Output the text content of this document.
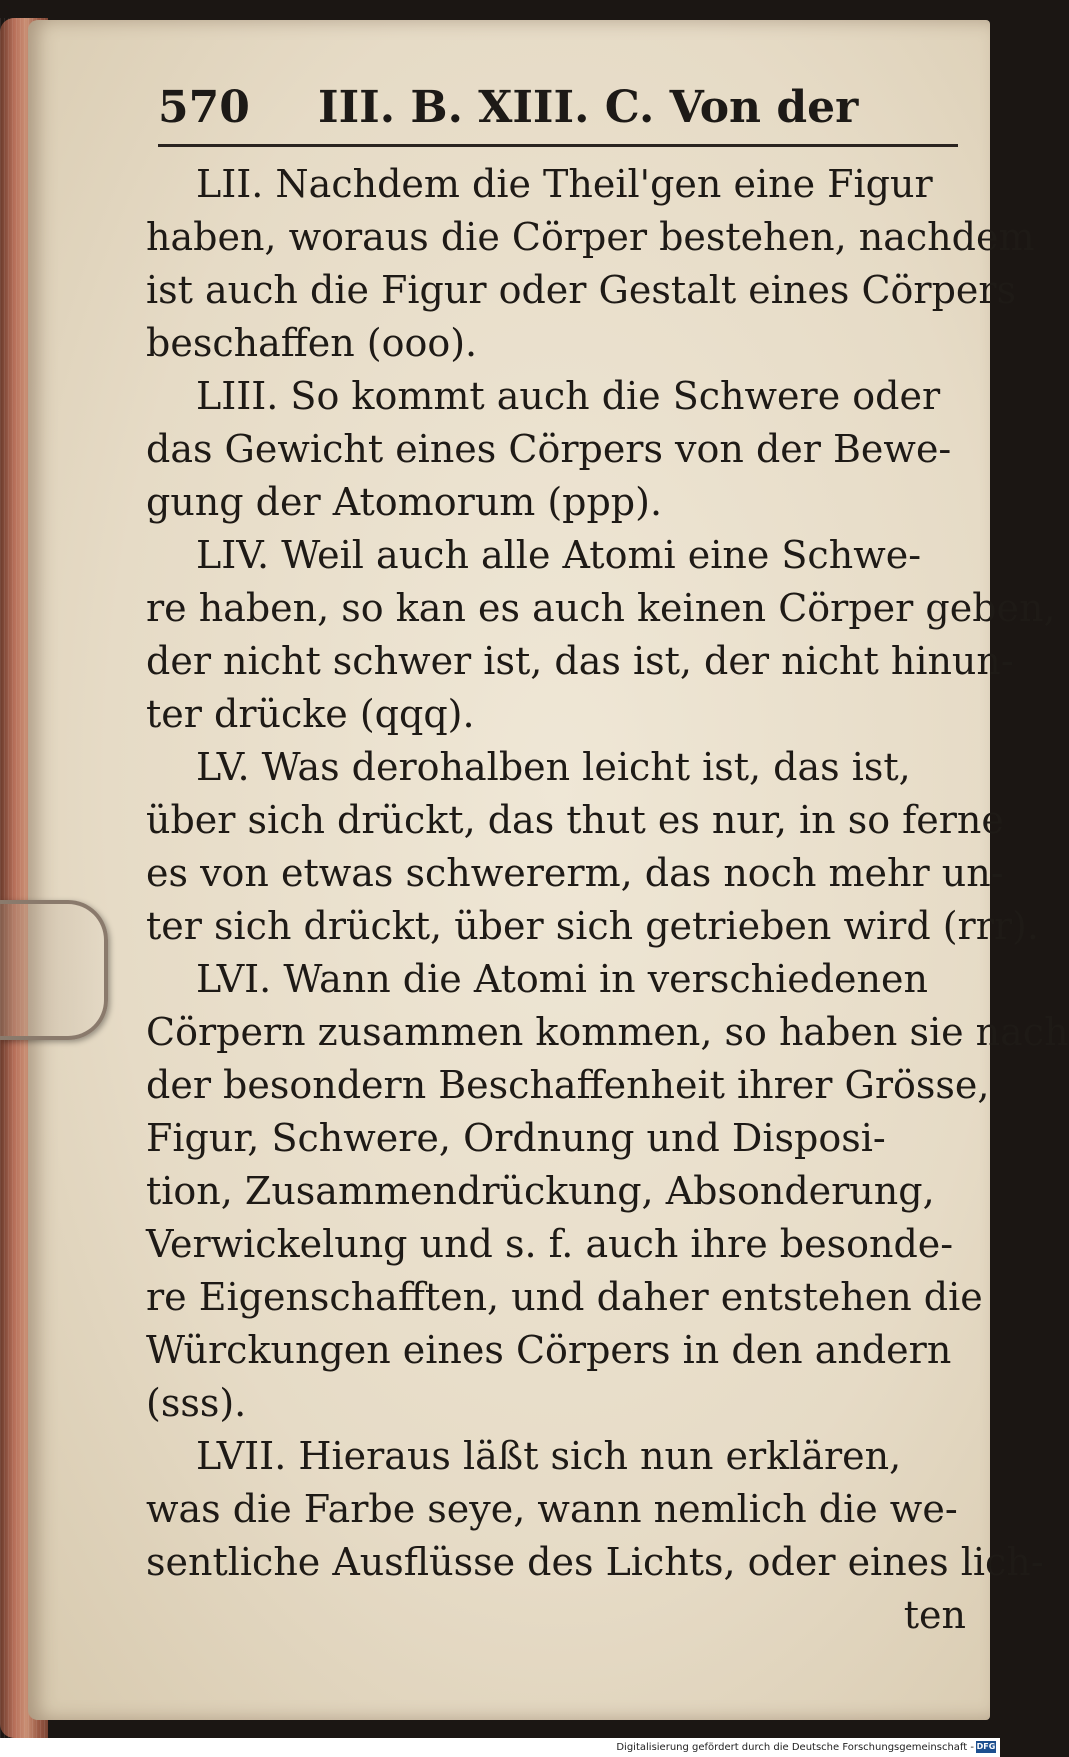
570 III. B. XIII. C. Von der
LII. Nachdem die Theil'gen eine Figur
haben, woraus die Cörper bestehen, nachdem
ist auch die Figur oder Gestalt eines Cörpers
beschaffen (ooo).
LIII. So kommt auch die Schwere oder
das Gewicht eines Cörpers von der Bewe-
gung der Atomorum (ppp).
LIV. Weil auch alle Atomi eine Schwe-
re haben, so kan es auch keinen Cörper geben,
der nicht schwer ist, das ist, der nicht hinun-
ter drücke (qqq).
LV. Was derohalben leicht ist, das ist,
über sich drückt, das thut es nur, in so ferne
es von etwas schwererm, das noch mehr un-
ter sich drückt, über sich getrieben wird (rrr).
LVI. Wann die Atomi in verschiedenen
Cörpern zusammen kommen, so haben sie nach
der besondern Beschaffenheit ihrer Grösse,
Figur, Schwere, Ordnung und Disposi-
tion, Zusammendrückung, Absonderung,
Verwickelung und s. f. auch ihre besonde-
re Eigenschafften, und daher entstehen die
Würckungen eines Cörpers in den andern
(sss).
LVII. Hieraus läßt sich nun erklären,
was die Farbe seye, wann nemlich die we-
sentliche Ausflüsse des Lichts, oder eines lich-
ten
Digitalisierung gefördert durch die Deutsche Forschungsgemeinschaft - DFG
